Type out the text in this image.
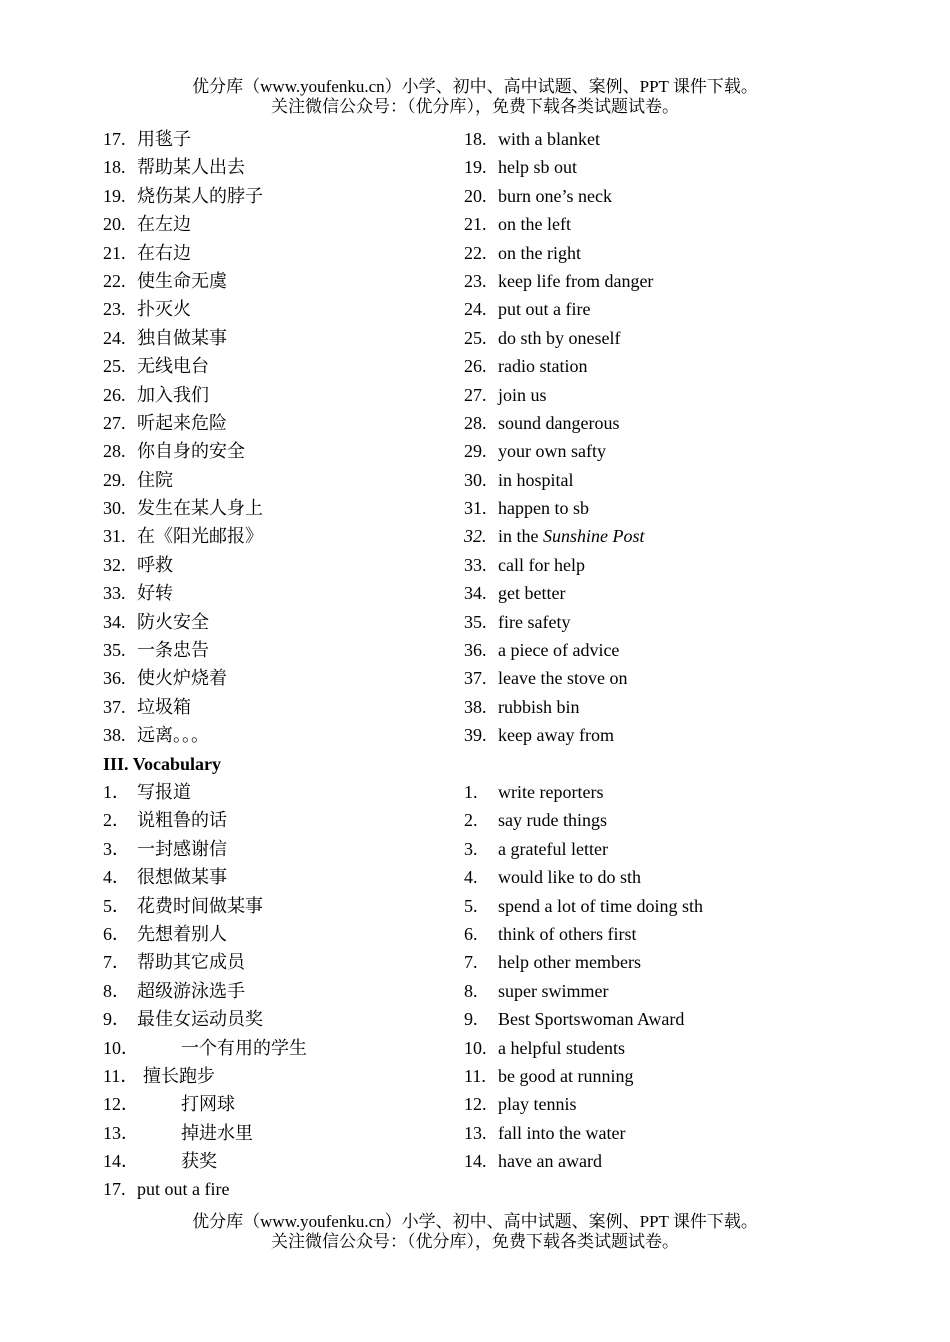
优分库（www.youfenku.cn）小学、初中、高中试题、案例、PPT 课件下载。
关注微信公众号：（优分库），免费下载各类试题试卷。
17. 用毯子	18. with a blanket
18. 帮助某人出去	19. help sb out
19. 烧伤某人的脖子	20. burn one’s neck
20. 在左边	21. on the left
21. 在右边	22. on the right
22. 使生命无虞	23. keep life from danger
23. 扑灭火	24. put out a fire
24. 独自做某事	25. do sth by oneself
25. 无线电台	26. radio station
26. 加入我们	27. join us
27. 听起来危险	28. sound dangerous
28. 你自身的安全	29. your own safty
29. 住院	30. in hospital
30. 发生在某人身上	31. happen to sb
31. 在《阳光邮报》	32. in the Sunshine Post
32. 呼救	33. call for help
33. 好转	34. get better
34. 防火安全	35. fire safety
35. 一条忠告	36. a piece of advice
36. 使火炉烧着	37. leave the stove on
37. 垃圾箱	38. rubbish bin
38. 远离。。。	39. keep away from
III. Vocabulary
1． 写报道	1. write reporters
2． 说粗鲁的话	2. say rude things
3． 一封感谢信	3. a grateful letter
4． 很想做某事	4. would like to do sth
5． 花费时间做某事	5. spend a lot of time doing sth
6． 先想着别人	6. think of others first
7． 帮助其它成员	7. help other members
8． 超级游泳选手	8. super swimmer
9． 最佳女运动员奖	9. Best Sportswoman Award
10． 一个有用的学生	10. a helpful students
11． 擅长跑步	11. be good at running
12． 打网球	12. play tennis
13． 掉进水里	13. fall into the water
14． 获奖	14. have an award
17. put out a fire
优分库（www.youfenku.cn）小学、初中、高中试题、案例、PPT 课件下载。
关注微信公众号：（优分库），免费下载各类试题试卷。
